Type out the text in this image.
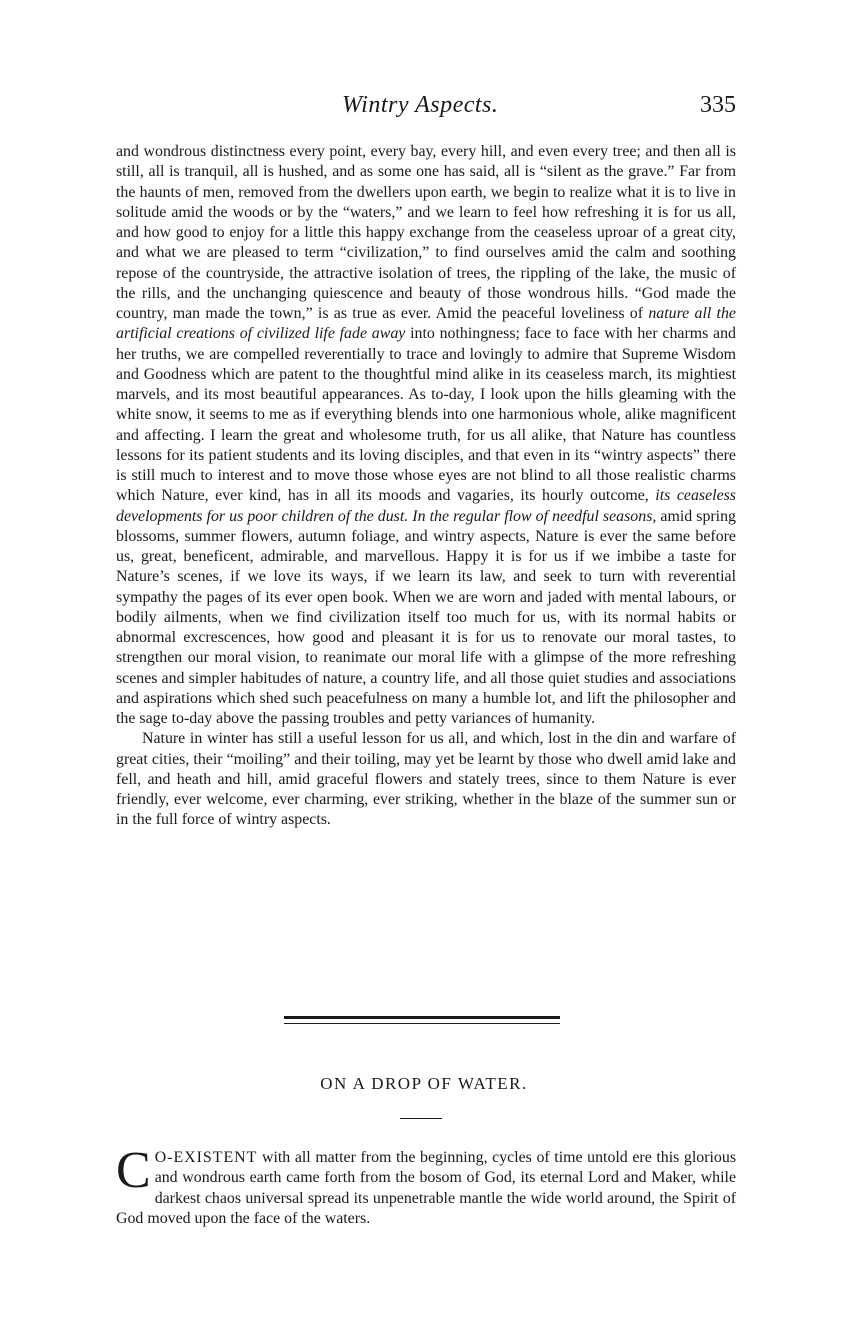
Wintry Aspects.	335

and wondrous distinctness every point, every bay, every hill, and even every tree; and then all is still, all is tranquil, all is hushed, and as some one has said, all is “silent as the grave.” Far from the haunts of men, removed from the dwellers upon earth, we begin to realize what it is to live in solitude amid the woods or by the “waters,” and we learn to feel how refreshing it is for us all, and how good to enjoy for a little this happy exchange from the ceaseless uproar of a great city, and what we are pleased to term “civilization,” to find ourselves amid the calm and soothing repose of the countryside, the attractive isolation of trees, the rippling of the lake, the music of the rills, and the unchanging quiescence and beauty of those wondrous hills. “God made the country, man made the town,” is as true as ever. Amid the peaceful loveliness of nature all the artificial creations of civilized life fade away into nothingness; face to face with her charms and her truths, we are compelled reverentially to trace and lovingly to admire that Supreme Wisdom and Goodness which are patent to the thoughtful mind alike in its ceaseless march, its mightiest marvels, and its most beautiful appearances. As to-day, I look upon the hills gleaming with the white snow, it seems to me as if everything blends into one harmonious whole, alike magnificent and affecting. I learn the great and wholesome truth, for us all alike, that Nature has countless lessons for its patient students and its loving disciples, and that even in its “wintry aspects” there is still much to interest and to move those whose eyes are not blind to all those realistic charms which Nature, ever kind, has in all its moods and vagaries, its hourly outcome, its ceaseless developments for us poor children of the dust. In the regular flow of needful seasons, amid spring blossoms, summer flowers, autumn foliage, and wintry aspects, Nature is ever the same before us, great, beneficent, admirable, and marvellous. Happy it is for us if we imbibe a taste for Nature’s scenes, if we love its ways, if we learn its law, and seek to turn with reverential sympathy the pages of its ever open book. When we are worn and jaded with mental labours, or bodily ailments, when we find civilization itself too much for us, with its normal habits or abnormal excrescences, how good and pleasant it is for us to renovate our moral tastes, to strengthen our moral vision, to reanimate our moral life with a glimpse of the more refreshing scenes and simpler habitudes of nature, a country life, and all those quiet studies and associations and aspirations which shed such peacefulness on many a humble lot, and lift the philosopher and the sage to-day above the passing troubles and petty variances of humanity.

Nature in winter has still a useful lesson for us all, and which, lost in the din and warfare of great cities, their “moiling” and their toiling, may yet be learnt by those who dwell amid lake and fell, and heath and hill, amid graceful flowers and stately trees, since to them Nature is ever friendly, ever welcome, ever charming, ever striking, whether in the blaze of the summer sun or in the full force of wintry aspects.

ON A DROP OF WATER.
C O-EXISTENT with all matter from the beginning, cycles of time untold ere this glorious and wondrous earth came forth from the bosom of God, its eternal Lord and Maker, while darkest chaos universal spread its unpenetrable mantle the wide world around, the Spirit of God moved upon the face of the waters.
